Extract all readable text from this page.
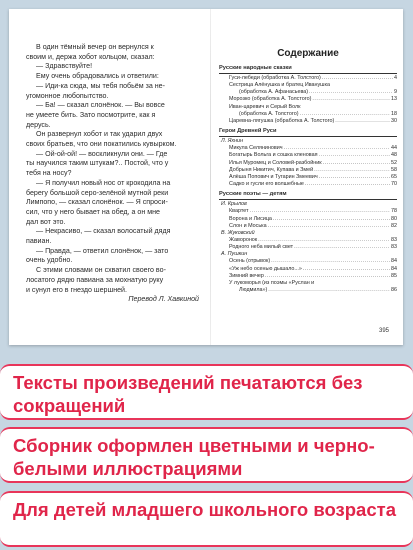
В один тёмный вечер он вернулся к
своим и, держа хобот кольцом, сказал:
— Здравствуйте!
Ему очень обрадовались и ответили:
— Иди-ка сюда, мы тебя побьём за не-
угомонное любопытство.
— Ба! — сказал слонёнок. — Вы вовсе
не умеете бить. Зато посмотрите, как я
дерусь.
Он развернул хобот и так ударил двух
своих братьев, что они покатились кувырком.
— Ой-ой-ой! — воскликнули они. — Где
ты научился таким штукам?.. Постой, что у
тебя на носу?
— Я получил новый нос от крокодила на
берегу большой серо-зелёной мутной реки
Лимпопо, — сказал слонёнок. — Я спроси-
сил, что у него бывает на обед, а он мне
дал вот это.
— Некрасиво, — сказал волосатый дядя
павиан.
— Правда, — ответил слонёнок, — зато
очень удобно.
С этими словами он схватил своего во-
лосатого дядю павиана за мохнатую руку
и сунул его в гнездо шершней.
Перевод Л. Хавкиной
Содержание
Русские народные сказки
Гуси-лебеди (обработка А. Толстого) .....	4
Сестрица Алёнушка и братец Иванушка
(обработка А. Афанасьева) .....	9
Морозко (обработка А. Толстого) .....	13
Иван-царевич и Серый Волк
(обработка А. Толстого) .....	18
Царевна-лягушка (обработка А. Толстого) .....	30
Герои Древней Руси
Л. Яхнин
Микула Селянинович .....	44
Богатырь Вольга и сошка кленовая .....	48
Илья Муромец и Соловей-разбойник .....	52
Добрыня Никитич, Купава и Змей .....	58
Алёша Попович и Тугарин Змеевич .....	65
Садко и гусли его волшебные .....	70
Русские поэты — детям
И. Крылов
Квартет .....	78
Ворона и Лисица .....	80
Слон и Моська .....	82
В. Жуковский
Жаворонок .....	83
Родного неба милый свет .....	83
А. Пушкин
Осень (отрывок) .....	84
«Уж небо осенью дышало...» .....	84
Зимний вечер .....	85
У лукоморья (из поэмы «Руслан и
Людмила») .....	86
395
Тексты произведений печатаются без сокращений
Сборник оформлен цветными и черно-белыми иллюстрациями
Для детей младшего школьного возраста
